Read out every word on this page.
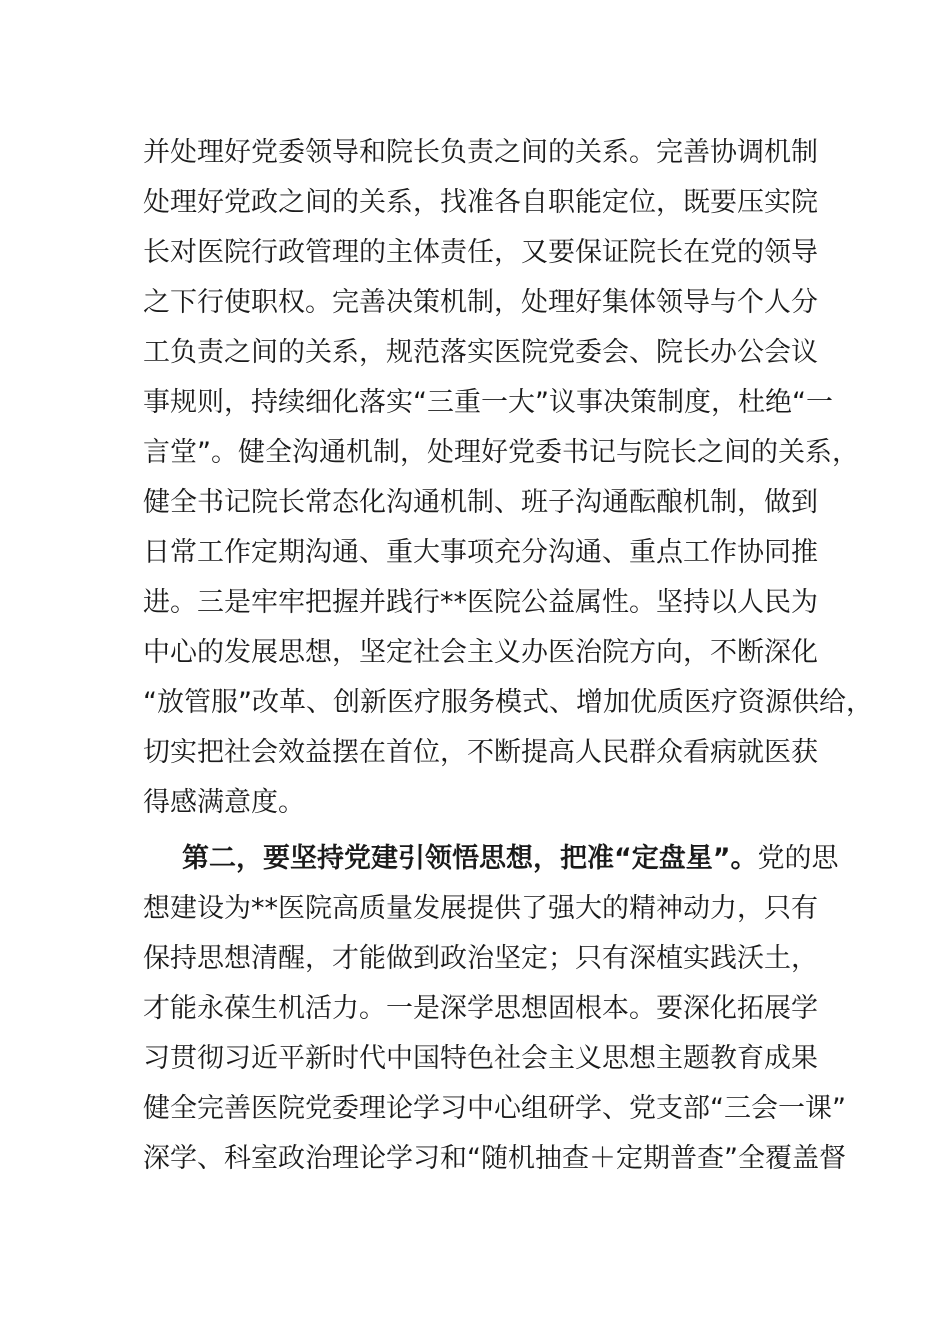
并处理好党委领导和院长负责之间的关系。完善协调机制
处理好党政之间的关系，找准各自职能定位，既要压实院
长对医院行政管理的主体责任，又要保证院长在党的领导
之下行使职权。完善决策机制，处理好集体领导与个人分
工负责之间的关系，规范落实医院党委会、院长办公会议
事规则，持续细化落实“三重一大”议事决策制度，杜绝“一
言堂”。健全沟通机制，处理好党委书记与院长之间的关系，
健全书记院长常态化沟通机制、班子沟通酝酿机制，做到
日常工作定期沟通、重大事项充分沟通、重点工作协同推
进。三是牢牢把握并践行**医院公益属性。坚持以人民为
中心的发展思想，坚定社会主义办医治院方向，不断深化
“放管服”改革、创新医疗服务模式、增加优质医疗资源供给，
切实把社会效益摆在首位，不断提高人民群众看病就医获
得感满意度。
第二，要坚持党建引领悟思想，把准“定盘星”。党的思
想建设为**医院高质量发展提供了强大的精神动力，只有
保持思想清醒，才能做到政治坚定；只有深植实践沃土，
才能永葆生机活力。一是深学思想固根本。要深化拓展学
习贯彻习近平新时代中国特色社会主义思想主题教育成果
健全完善医院党委理论学习中心组研学、党支部“三会一课”
深学、科室政治理论学习和“随机抽查＋定期普查”全覆盖督
